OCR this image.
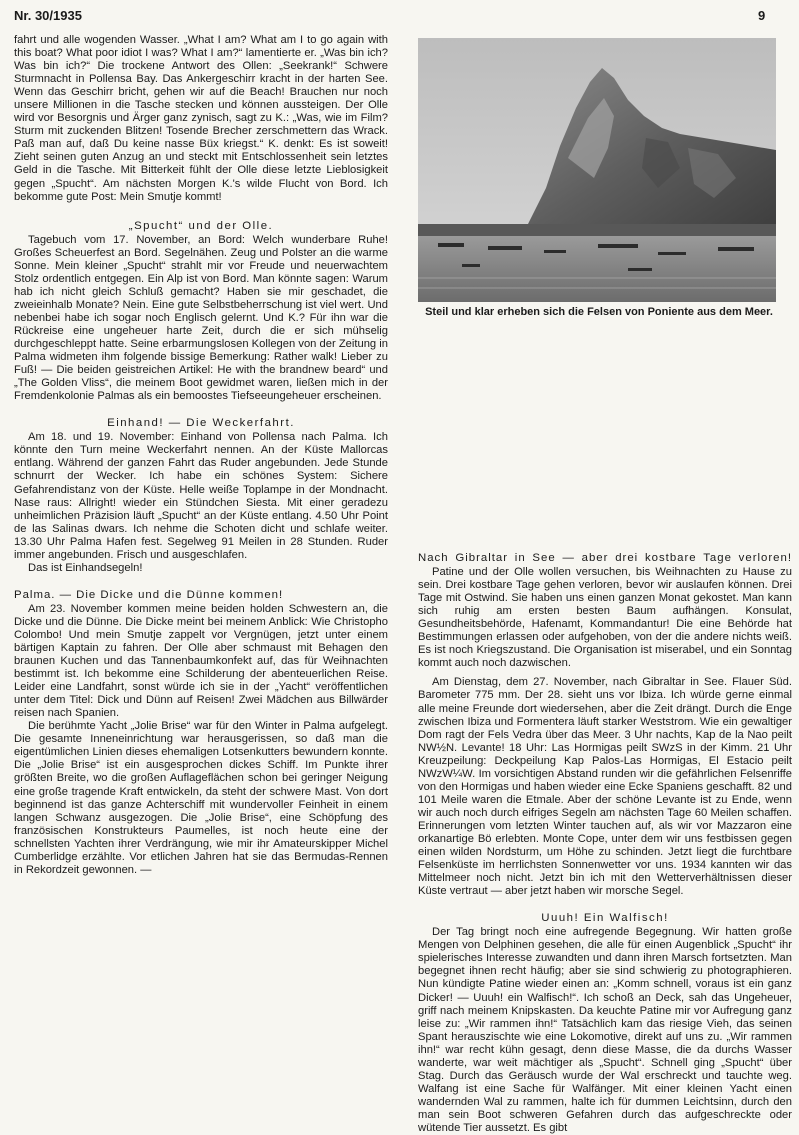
Nr. 30/1935	9

fahrt und alle wogenden Wasser. „What I am? What am I to go again with this boat? What poor idiot I was? What I am?“ lamentierte er. „Was bin ich? Was bin ich?“ Die trockene Antwort des Ollen: „Seekrank!“ Schwere Sturmnacht in Pollensa Bay. Das Ankergeschirr kracht in der harten See. Wenn das Geschirr bricht, gehen wir auf die Beach! Brauchen nur noch unsere Millionen in die Tasche stecken und können aussteigen. Der Olle wird vor Besorgnis und Ärger ganz zynisch, sagt zu K.: „Was, wie im Film? Sturm mit zuckenden Blitzen! Tosende Brecher zerschmettern das Wrack. Paß man auf, daß Du keine nasse Büx kriegst.“ K. denkt: Es ist soweit! Zieht seinen guten Anzug an und steckt mit Entschlossenheit sein letztes Geld in die Tasche. Mit Bitterkeit fühlt der Olle diese letzte Lieblosigkeit gegen „Spucht“. Am nächsten Morgen K.'s wilde Flucht von Bord. Ich bekomme gute Post: Mein Smutje kommt!

„Spucht“ und der Olle.

Tagebuch vom 17. November, an Bord: Welch wunderbare Ruhe! Großes Scheuerfest an Bord. Segelnähen. Zeug und Polster an die warme Sonne. Mein kleiner „Spucht“ strahlt mir vor Freude und neuerwachtem Stolz ordentlich entgegen. Ein Alp ist von Bord. Man könnte sagen: Warum hab ich nicht gleich Schluß gemacht? Haben sie mir geschadet, die zweieinhalb Monate? Nein. Eine gute Selbstbeherrschung ist viel wert. Und nebenbei habe ich sogar noch Englisch gelernt. Und K.? Für ihn war die Rückreise eine ungeheuer harte Zeit, durch die er sich mühselig durchgeschleppt hatte. Seine erbarmungslosen Kollegen von der Zeitung in Palma widmeten ihm folgende bissige Bemerkung: Rather walk! Lieber zu Fuß! — Die beiden geistreichen Artikel: He with the brandnew beard“ und „The Golden Vliss“, die meinem Boot gewidmet waren, ließen mich in der Fremdenkolonie Palmas als ein bemoostes Tiefseeungeheuer erscheinen.

Einhand! — Die Weckerfahrt.

Am 18. und 19. November: Einhand von Pollensa nach Palma. Ich könnte den Turn meine Weckerfahrt nennen. An der Küste Mallorcas entlang. Während der ganzen Fahrt das Ruder angebunden. Jede Stunde schnurrt der Wecker. Ich habe ein schönes System: Sichere Gefahrendistanz von der Küste. Helle weiße Toplampe in der Mondnacht. Nase raus: Allright! wieder ein Stündchen Siesta. Mit einer geradezu unheimlichen Präzision läuft „Spucht“ an der Küste entlang. 4.50 Uhr Point de las Salinas dwars. Ich nehme die Schoten dicht und schlafe weiter. 13.30 Uhr Palma Hafen fest. Segelweg 91 Meilen in 28 Stunden. Ruder immer angebunden. Frisch und ausgeschlafen.

Das ist Einhandsegeln!

Palma. — Die Dicke und die Dünne kommen!

Am 23. November kommen meine beiden holden Schwestern an, die Dicke und die Dünne. Die Dicke meint bei meinem Anblick: Wie Christopho Colombo! Und mein Smutje zappelt vor Vergnügen, jetzt unter einem bärtigen Kaptain zu fahren. Der Olle aber schmaust mit Behagen den braunen Kuchen und das Tannenbaumkonfekt auf, das für Weihnachten bestimmt ist. Ich bekomme eine Schilderung der abenteuerlichen Reise. Leider eine Landfahrt, sonst würde ich sie in der „Yacht“ veröffentlichen unter dem Titel: Dick und Dünn auf Reisen! Zwei Mädchen aus Billwärder reisen nach Spanien.

Die berühmte Yacht „Jolie Brise“ war für den Winter in Palma aufgelegt. Die gesamte Inneneinrichtung war herausgerissen, so daß man die eigentümlichen Linien dieses ehemaligen Lotsenkutters bewundern konnte. Die „Jolie Brise“ ist ein ausgesprochen dickes Schiff. Im Punkte ihrer größten Breite, wo die großen Auflageflächen schon bei geringer Neigung eine große tragende Kraft entwickeln, da steht der schwere Mast. Von dort beginnend ist das ganze Achterschiff mit wundervoller Feinheit in einem langen Schwanz ausgezogen. Die „Jolie Brise“, eine Schöpfung des französischen Konstrukteurs Paumelles, ist noch heute eine der schnellsten Yachten ihrer Verdrängung, wie mir ihr Amateurskipper Michel Cumberlidge erzählte. Vor etlichen Jahren hat sie das Bermudas-Rennen in Rekordzeit gewonnen. —

Steil und klar erheben sich die Felsen von Poniente aus dem Meer.
Nach Gibraltar in See — aber drei kostbare Tage verloren!

Patine und der Olle wollen versuchen, bis Weihnachten zu Hause zu sein. Drei kostbare Tage gehen verloren, bevor wir auslaufen können. Drei Tage mit Ostwind. Sie haben uns einen ganzen Monat gekostet. Man kann sich ruhig am ersten besten Baum aufhängen. Konsulat, Gesundheitsbehörde, Hafenamt, Kommandantur! Die eine Behörde hat Bestimmungen erlassen oder aufgehoben, von der die andere nichts weiß. Es ist noch Kriegszustand. Die Organisation ist miserabel, und ein Sonntag kommt auch noch dazwischen.

Am Dienstag, dem 27. November, nach Gibraltar in See. Flauer Süd. Barometer 775 mm. Der 28. sieht uns vor Ibiza. Ich würde gerne einmal alle meine Freunde dort wiedersehen, aber die Zeit drängt. Durch die Enge zwischen Ibiza und Formentera läuft starker Weststrom. Wie ein gewaltiger Dom ragt der Fels Vedra über das Meer. 3 Uhr nachts, Kap de la Nao peilt NW½N. Levante! 18 Uhr: Las Hormigas peilt SWzS in der Kimm. 21 Uhr Kreuzpeilung: Deckpeilung Kap Palos-Las Hormigas, El Estacio peilt NWzW¼W. Im vorsichtigen Abstand runden wir die gefährlichen Felsenriffe von den Hormigas und haben wieder eine Ecke Spaniens geschafft. 82 und 101 Meile waren die Etmale. Aber der schöne Levante ist zu Ende, wenn wir auch noch durch eifriges Segeln am nächsten Tage 60 Meilen schaffen. Erinnerungen vom letzten Winter tauchen auf, als wir vor Mazzaron eine orkanartige Bö erlebten. Monte Cope, unter dem wir uns festbissen gegen einen wilden Nordsturm, um Höhe zu schinden. Jetzt liegt die furchtbare Felsenküste im herrlichsten Sonnenwetter vor uns. 1934 kannten wir das Mittelmeer noch nicht. Jetzt bin ich mit den Wetterverhältnissen dieser Küste vertraut — aber jetzt haben wir morsche Segel.

Uuuh! Ein Walfisch!

Der Tag bringt noch eine aufregende Begegnung. Wir hatten große Mengen von Delphinen gesehen, die alle für einen Augenblick „Spucht“ ihr spielerisches Interesse zuwandten und dann ihren Marsch fortsetzten. Man begegnet ihnen recht häufig; aber sie sind schwierig zu photographieren. Nun kündigte Patine wieder einen an: „Komm schnell, voraus ist ein ganz Dicker! — Uuuh! ein Walfisch!“. Ich schoß an Deck, sah das Ungeheuer, griff nach meinem Knipskasten. Da keuchte Patine mir vor Aufregung ganz leise zu: „Wir rammen ihn!“ Tatsächlich kam das riesige Vieh, das seinen Spant herauszischte wie eine Lokomotive, direkt auf uns zu. „Wir rammen ihn!“ war recht kühn gesagt, denn diese Masse, die da durchs Wasser wanderte, war weit mächtiger als „Spucht“. Schnell ging „Spucht“ über Stag. Durch das Geräusch wurde der Wal erschreckt und tauchte weg. Walfang ist eine Sache für Walfänger. Mit einer kleinen Yacht einen wandernden Wal zu rammen, halte ich für dummen Leichtsinn, durch den man sein Boot schweren Gefahren durch das aufgeschreckte oder wütende Tier aussetzt. Es gibt
